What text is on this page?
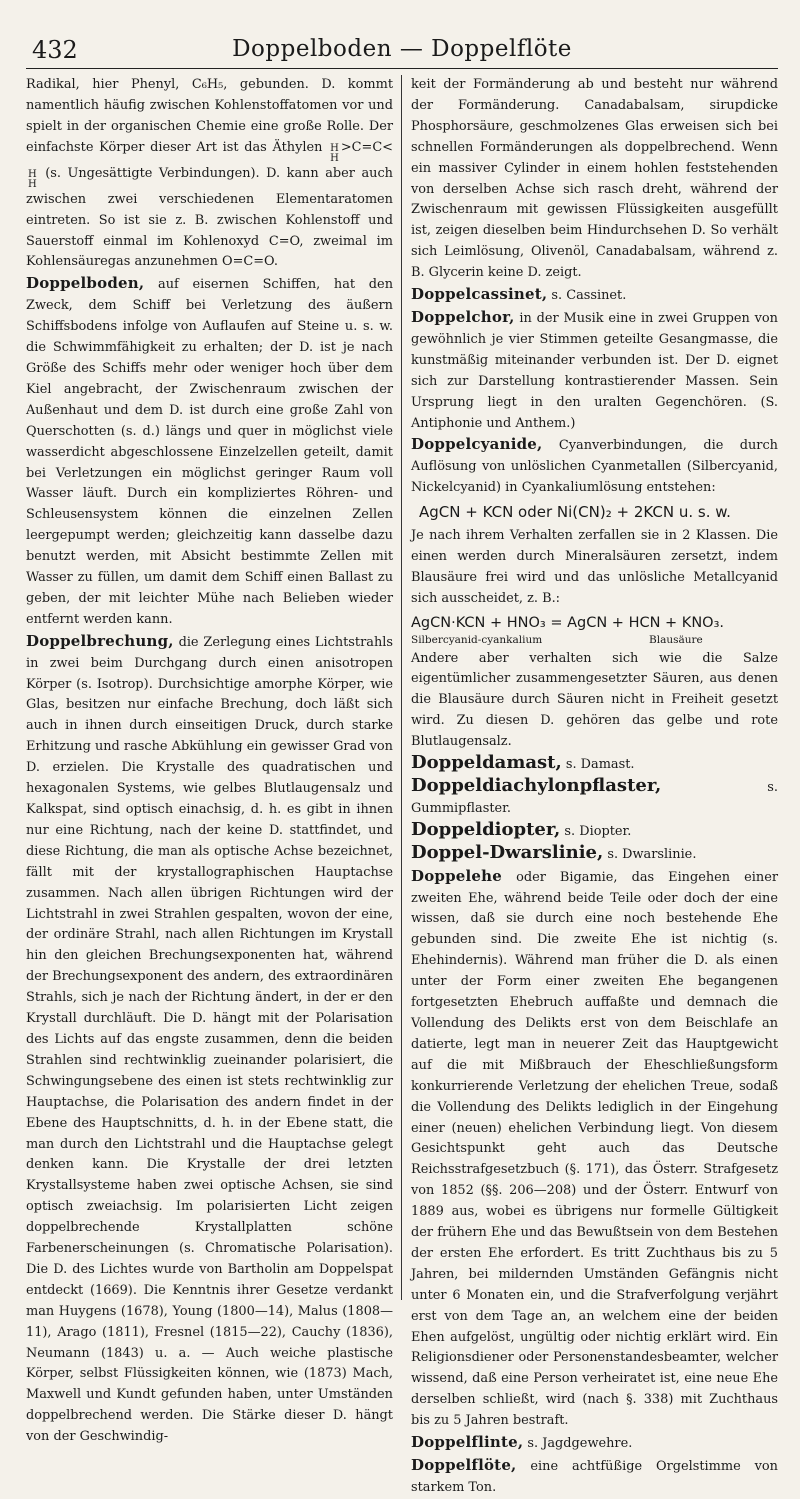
432	Doppelboden — Doppelflöte

Radikal, hier Phenyl, C₆H₅, gebunden. D. kommt namentlich häufig zwischen Kohlenstoffatomen vor und spielt in der organischen Chemie eine große Rolle. Der einfachste Körper dieser Art ist das Äthylen H
H
>C=C<
H
H
(s. Ungesättigte Verbindungen). D. kann aber auch zwischen zwei verschiedenen Elementaratomen eintreten. So ist sie z. B. zwischen Kohlenstoff und Sauerstoff einmal im Kohlenoxyd C=O, zweimal im Kohlensäuregas anzunehmen O=C=O.

Doppelboden, auf eisernen Schiffen, hat den Zweck, dem Schiff bei Verletzung des äußern Schiffsbodens infolge von Auflaufen auf Steine u. s. w. die Schwimmfähigkeit zu erhalten; der D. ist je nach Größe des Schiffs mehr oder weniger hoch über dem Kiel angebracht, der Zwischenraum zwischen der Außenhaut und dem D. ist durch eine große Zahl von Querschotten (s. d.) längs und quer in möglichst viele wasserdicht abgeschlossene Einzelzellen geteilt, damit bei Verletzungen ein möglichst geringer Raum voll Wasser läuft. Durch ein kompliziertes Röhren- und Schleusensystem können die einzelnen Zellen leergepumpt werden; gleichzeitig kann dasselbe dazu benutzt werden, mit Absicht bestimmte Zellen mit Wasser zu füllen, um damit dem Schiff einen Ballast zu geben, der mit leichter Mühe nach Belieben wieder entfernt werden kann.

Doppelbrechung, die Zerlegung eines Lichtstrahls in zwei beim Durchgang durch einen anisotropen Körper (s. Isotrop). Durchsichtige amorphe Körper, wie Glas, besitzen nur einfache Brechung, doch läßt sich auch in ihnen durch einseitigen Druck, durch starke Erhitzung und rasche Abkühlung ein gewisser Grad von D. erzielen. Die Krystalle des quadratischen und hexagonalen Systems, wie gelbes Blutlaugensalz und Kalkspat, sind optisch einachsig, d. h. es gibt in ihnen nur eine Richtung, nach der keine D. stattfindet, und diese Richtung, die man als optische Achse bezeichnet, fällt mit der krystallographischen Hauptachse zusammen. Nach allen übrigen Richtungen wird der Lichtstrahl in zwei Strahlen gespalten, wovon der eine, der ordinäre Strahl, nach allen Richtungen im Krystall hin den gleichen Brechungsexponenten hat, während der Brechungsexponent des andern, des extraordinären Strahls, sich je nach der Richtung ändert, in der er den Krystall durchläuft. Die D. hängt mit der Polarisation des Lichts auf das engste zusammen, denn die beiden Strahlen sind rechtwinklig zueinander polarisiert, die Schwingungsebene des einen ist stets rechtwinklig zur Hauptachse, die Polarisation des andern findet in der Ebene des Hauptschnitts, d. h. in der Ebene statt, die man durch den Lichtstrahl und die Hauptachse gelegt denken kann. Die Krystalle der drei letzten Krystallsysteme haben zwei optische Achsen, sie sind optisch zweiachsig. Im polarisierten Licht zeigen doppelbrechende Krystallplatten schöne Farbenerscheinungen (s. Chromatische Polarisation). Die D. des Lichtes wurde von Bartholin am Doppelspat entdeckt (1669). Die Kenntnis ihrer Gesetze verdankt man Huygens (1678), Young (1800—14), Malus (1808—11), Arago (1811), Fresnel (1815—22), Cauchy (1836), Neumann (1843) u. a. — Auch weiche plastische Körper, selbst Flüssigkeiten können, wie (1873) Mach, Maxwell und Kundt gefunden haben, unter Umständen doppelbrechend werden. Die Stärke dieser D. hängt von der Geschwindig-

keit der Formänderung ab und besteht nur während der Formänderung. Canadabalsam, sirupdicke Phosphorsäure, geschmolzenes Glas erweisen sich bei schnellen Formänderungen als doppelbrechend. Wenn ein massiver Cylinder in einem hohlen feststehenden von derselben Achse sich rasch dreht, während der Zwischenraum mit gewissen Flüssigkeiten ausgefüllt ist, zeigen dieselben beim Hindurchsehen D. So verhält sich Leimlösung, Olivenöl, Canadabalsam, während z. B. Glycerin keine D. zeigt.

Doppelcassinet, s. Cassinet.

Doppelchor, in der Musik eine in zwei Gruppen von gewöhnlich je vier Stimmen geteilte Gesangmasse, die kunstmäßig miteinander verbunden ist. Der D. eignet sich zur Darstellung kontrastierender Massen. Sein Ursprung liegt in den uralten Gegenchören. (S. Antiphonie und Anthem.)

Doppelcyanide, Cyanverbindungen, die durch Auflösung von unlöslichen Cyanmetallen (Silbercyanid, Nickelcyanid) in Cyankaliumlösung entstehen:

AgCN + KCN oder Ni(CN)₂ + 2KCN u. s. w.

Je nach ihrem Verhalten zerfallen sie in 2 Klassen. Die einen werden durch Mineralsäuren zersetzt, indem Blausäure frei wird und das unlösliche Metallcyanid sich ausscheidet, z. B.:

AgCN·KCN + HNO₃ = AgCN + HCN + KNO₃.
Silbercyanid-cyankalium	Blausäure

Andere aber verhalten sich wie die Salze eigentümlicher zusammengesetzter Säuren, aus denen die Blausäure durch Säuren nicht in Freiheit gesetzt wird. Zu diesen D. gehören das gelbe und rote Blutlaugensalz.

Doppeldamast, s. Damast.

Doppeldiachylonpflaster,	s. Gummipflaster.

Doppeldiopter, s. Diopter.

Doppel-Dwarslinie, s. Dwarslinie.

Doppelehe oder Bigamie, das Eingehen einer zweiten Ehe, während beide Teile oder doch der eine wissen, daß sie durch eine noch bestehende Ehe gebunden sind. Die zweite Ehe ist nichtig (s. Ehehindernis). Während man früher die D. als einen unter der Form einer zweiten Ehe begangenen fortgesetzten Ehebruch auffaßte und demnach die Vollendung des Delikts erst von dem Beischlafe an datierte, legt man in neuerer Zeit das Hauptgewicht auf die mit Mißbrauch der Eheschließungsform konkurrierende Verletzung der ehelichen Treue, sodaß die Vollendung des Delikts lediglich in der Eingehung einer (neuen) ehelichen Verbindung liegt. Von diesem Gesichtspunkt geht auch das Deutsche Reichsstrafgesetzbuch (§. 171), das Österr. Strafgesetz von 1852 (§§. 206—208) und der Österr. Entwurf von 1889 aus, wobei es übrigens nur formelle Gültigkeit der frühern Ehe und das Bewußtsein von dem Bestehen der ersten Ehe erfordert. Es tritt Zuchthaus bis zu 5 Jahren, bei mildernden Umständen Gefängnis nicht unter 6 Monaten ein, und die Strafverfolgung verjährt erst von dem Tage an, an welchem eine der beiden Ehen aufgelöst, ungültig oder nichtig erklärt wird. Ein Religionsdiener oder Personenstandesbeamter, welcher wissend, daß eine Person verheiratet ist, eine neue Ehe derselben schließt, wird (nach §. 338) mit Zuchthaus bis zu 5 Jahren bestraft.

Doppelflinte, s. Jagdgewehre.

Doppelflöte, eine achtfüßige Orgelstimme von starkem Ton.
